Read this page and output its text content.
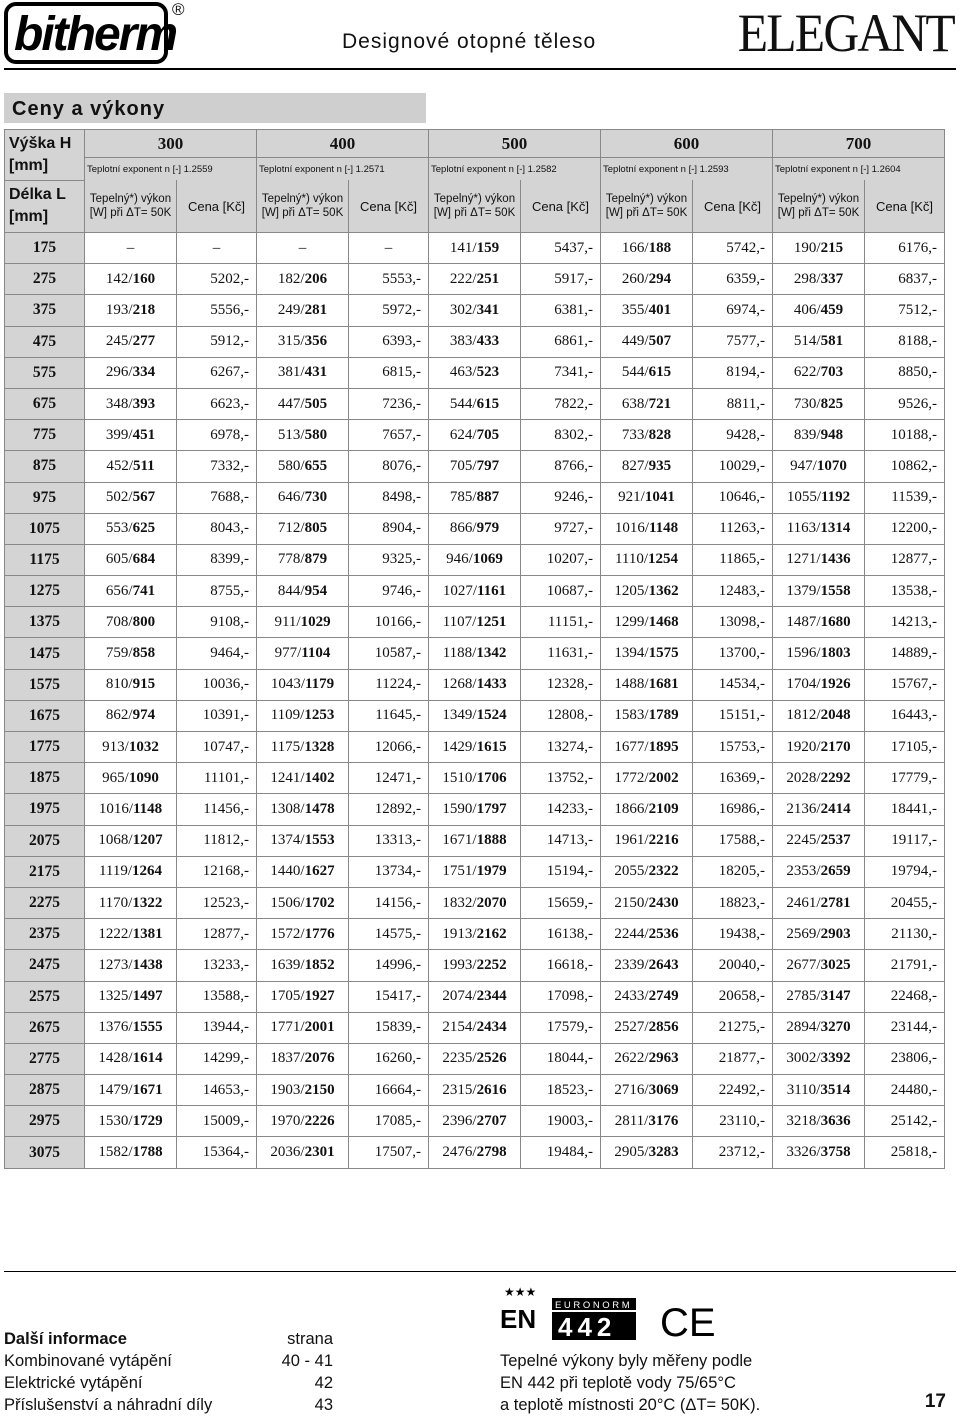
bitherm
®
Designové otopné těleso	ELEGANT
Ceny a výkony
Výška H [mm]	300		400		500		600		700	
	Teplotní exponent n [-] 1.2559		Teplotní exponent n [-] 1.2571		Teplotní exponent n [-] 1.2582		Teplotní exponent n [-] 1.2593		Teplotní exponent n [-] 1.2604	
Délka L [mm]	Tepelný*) výkon [W] při ΔT= 50K	Cena [Kč]	Tepelný*) výkon [W] při ΔT= 50K	Cena [Kč]	Tepelný*) výkon [W] při ΔT= 50K	Cena [Kč]	Tepelný*) výkon [W] při ΔT= 50K	Cena [Kč]	Tepelný*) výkon [W] při ΔT= 50K	Cena [Kč]
175	–	–	–	–	141/159	5437,-	166/188	5742,-	190/215	6176,-
275	142/160	5202,-	182/206	5553,-	222/251	5917,-	260/294	6359,-	298/337	6837,-
375	193/218	5556,-	249/281	5972,-	302/341	6381,-	355/401	6974,-	406/459	7512,-
475	245/277	5912,-	315/356	6393,-	383/433	6861,-	449/507	7577,-	514/581	8188,-
575	296/334	6267,-	381/431	6815,-	463/523	7341,-	544/615	8194,-	622/703	8850,-
675	348/393	6623,-	447/505	7236,-	544/615	7822,-	638/721	8811,-	730/825	9526,-
775	399/451	6978,-	513/580	7657,-	624/705	8302,-	733/828	9428,-	839/948	10188,-
875	452/511	7332,-	580/655	8076,-	705/797	8766,-	827/935	10029,-	947/1070	10862,-
975	502/567	7688,-	646/730	8498,-	785/887	9246,-	921/1041	10646,-	1055/1192	11539,-
1075	553/625	8043,-	712/805	8904,-	866/979	9727,-	1016/1148	11263,-	1163/1314	12200,-
1175	605/684	8399,-	778/879	9325,-	946/1069	10207,-	1110/1254	11865,-	1271/1436	12877,-
1275	656/741	8755,-	844/954	9746,-	1027/1161	10687,-	1205/1362	12483,-	1379/1558	13538,-
1375	708/800	9108,-	911/1029	10166,-	1107/1251	11151,-	1299/1468	13098,-	1487/1680	14213,-
1475	759/858	9464,-	977/1104	10587,-	1188/1342	11631,-	1394/1575	13700,-	1596/1803	14889,-
1575	810/915	10036,-	1043/1179	11224,-	1268/1433	12328,-	1488/1681	14534,-	1704/1926	15767,-
1675	862/974	10391,-	1109/1253	11645,-	1349/1524	12808,-	1583/1789	15151,-	1812/2048	16443,-
1775	913/1032	10747,-	1175/1328	12066,-	1429/1615	13274,-	1677/1895	15753,-	1920/2170	17105,-
1875	965/1090	11101,-	1241/1402	12471,-	1510/1706	13752,-	1772/2002	16369,-	2028/2292	17779,-
1975	1016/1148	11456,-	1308/1478	12892,-	1590/1797	14233,-	1866/2109	16986,-	2136/2414	18441,-
2075	1068/1207	11812,-	1374/1553	13313,-	1671/1888	14713,-	1961/2216	17588,-	2245/2537	19117,-
2175	1119/1264	12168,-	1440/1627	13734,-	1751/1979	15194,-	2055/2322	18205,-	2353/2659	19794,-
2275	1170/1322	12523,-	1506/1702	14156,-	1832/2070	15659,-	2150/2430	18823,-	2461/2781	20455,-
2375	1222/1381	12877,-	1572/1776	14575,-	1913/2162	16138,-	2244/2536	19438,-	2569/2903	21130,-
2475	1273/1438	13233,-	1639/1852	14996,-	1993/2252	16618,-	2339/2643	20040,-	2677/3025	21791,-
2575	1325/1497	13588,-	1705/1927	15417,-	2074/2344	17098,-	2433/2749	20658,-	2785/3147	22468,-
2675	1376/1555	13944,-	1771/2001	15839,-	2154/2434	17579,-	2527/2856	21275,-	2894/3270	23144,-
2775	1428/1614	14299,-	1837/2076	16260,-	2235/2526	18044,-	2622/2963	21877,-	3002/3392	23806,-
2875	1479/1671	14653,-	1903/2150	16664,-	2315/2616	18523,-	2716/3069	22492,-	3110/3514	24480,-
2975	1530/1729	15009,-	1970/2226	17085,-	2396/2707	19003,-	2811/3176	23110,-	3218/3636	25142,-
3075	1582/1788	15364,-	2036/2301	17507,-	2476/2798	19484,-	2905/3283	23712,-	3326/3758	25818,-
Další informace	strana
Kombinované vytápění	40 - 41
Elektrické vytápění	42
Příslušenství a náhradní díly	43
★★★
EN EURONORM
442 CE
Tepelné výkony byly měřeny podle
EN 442 při teplotě vody 75/65°C
a teplotě místnosti 20°C (ΔT= 50K).	17
